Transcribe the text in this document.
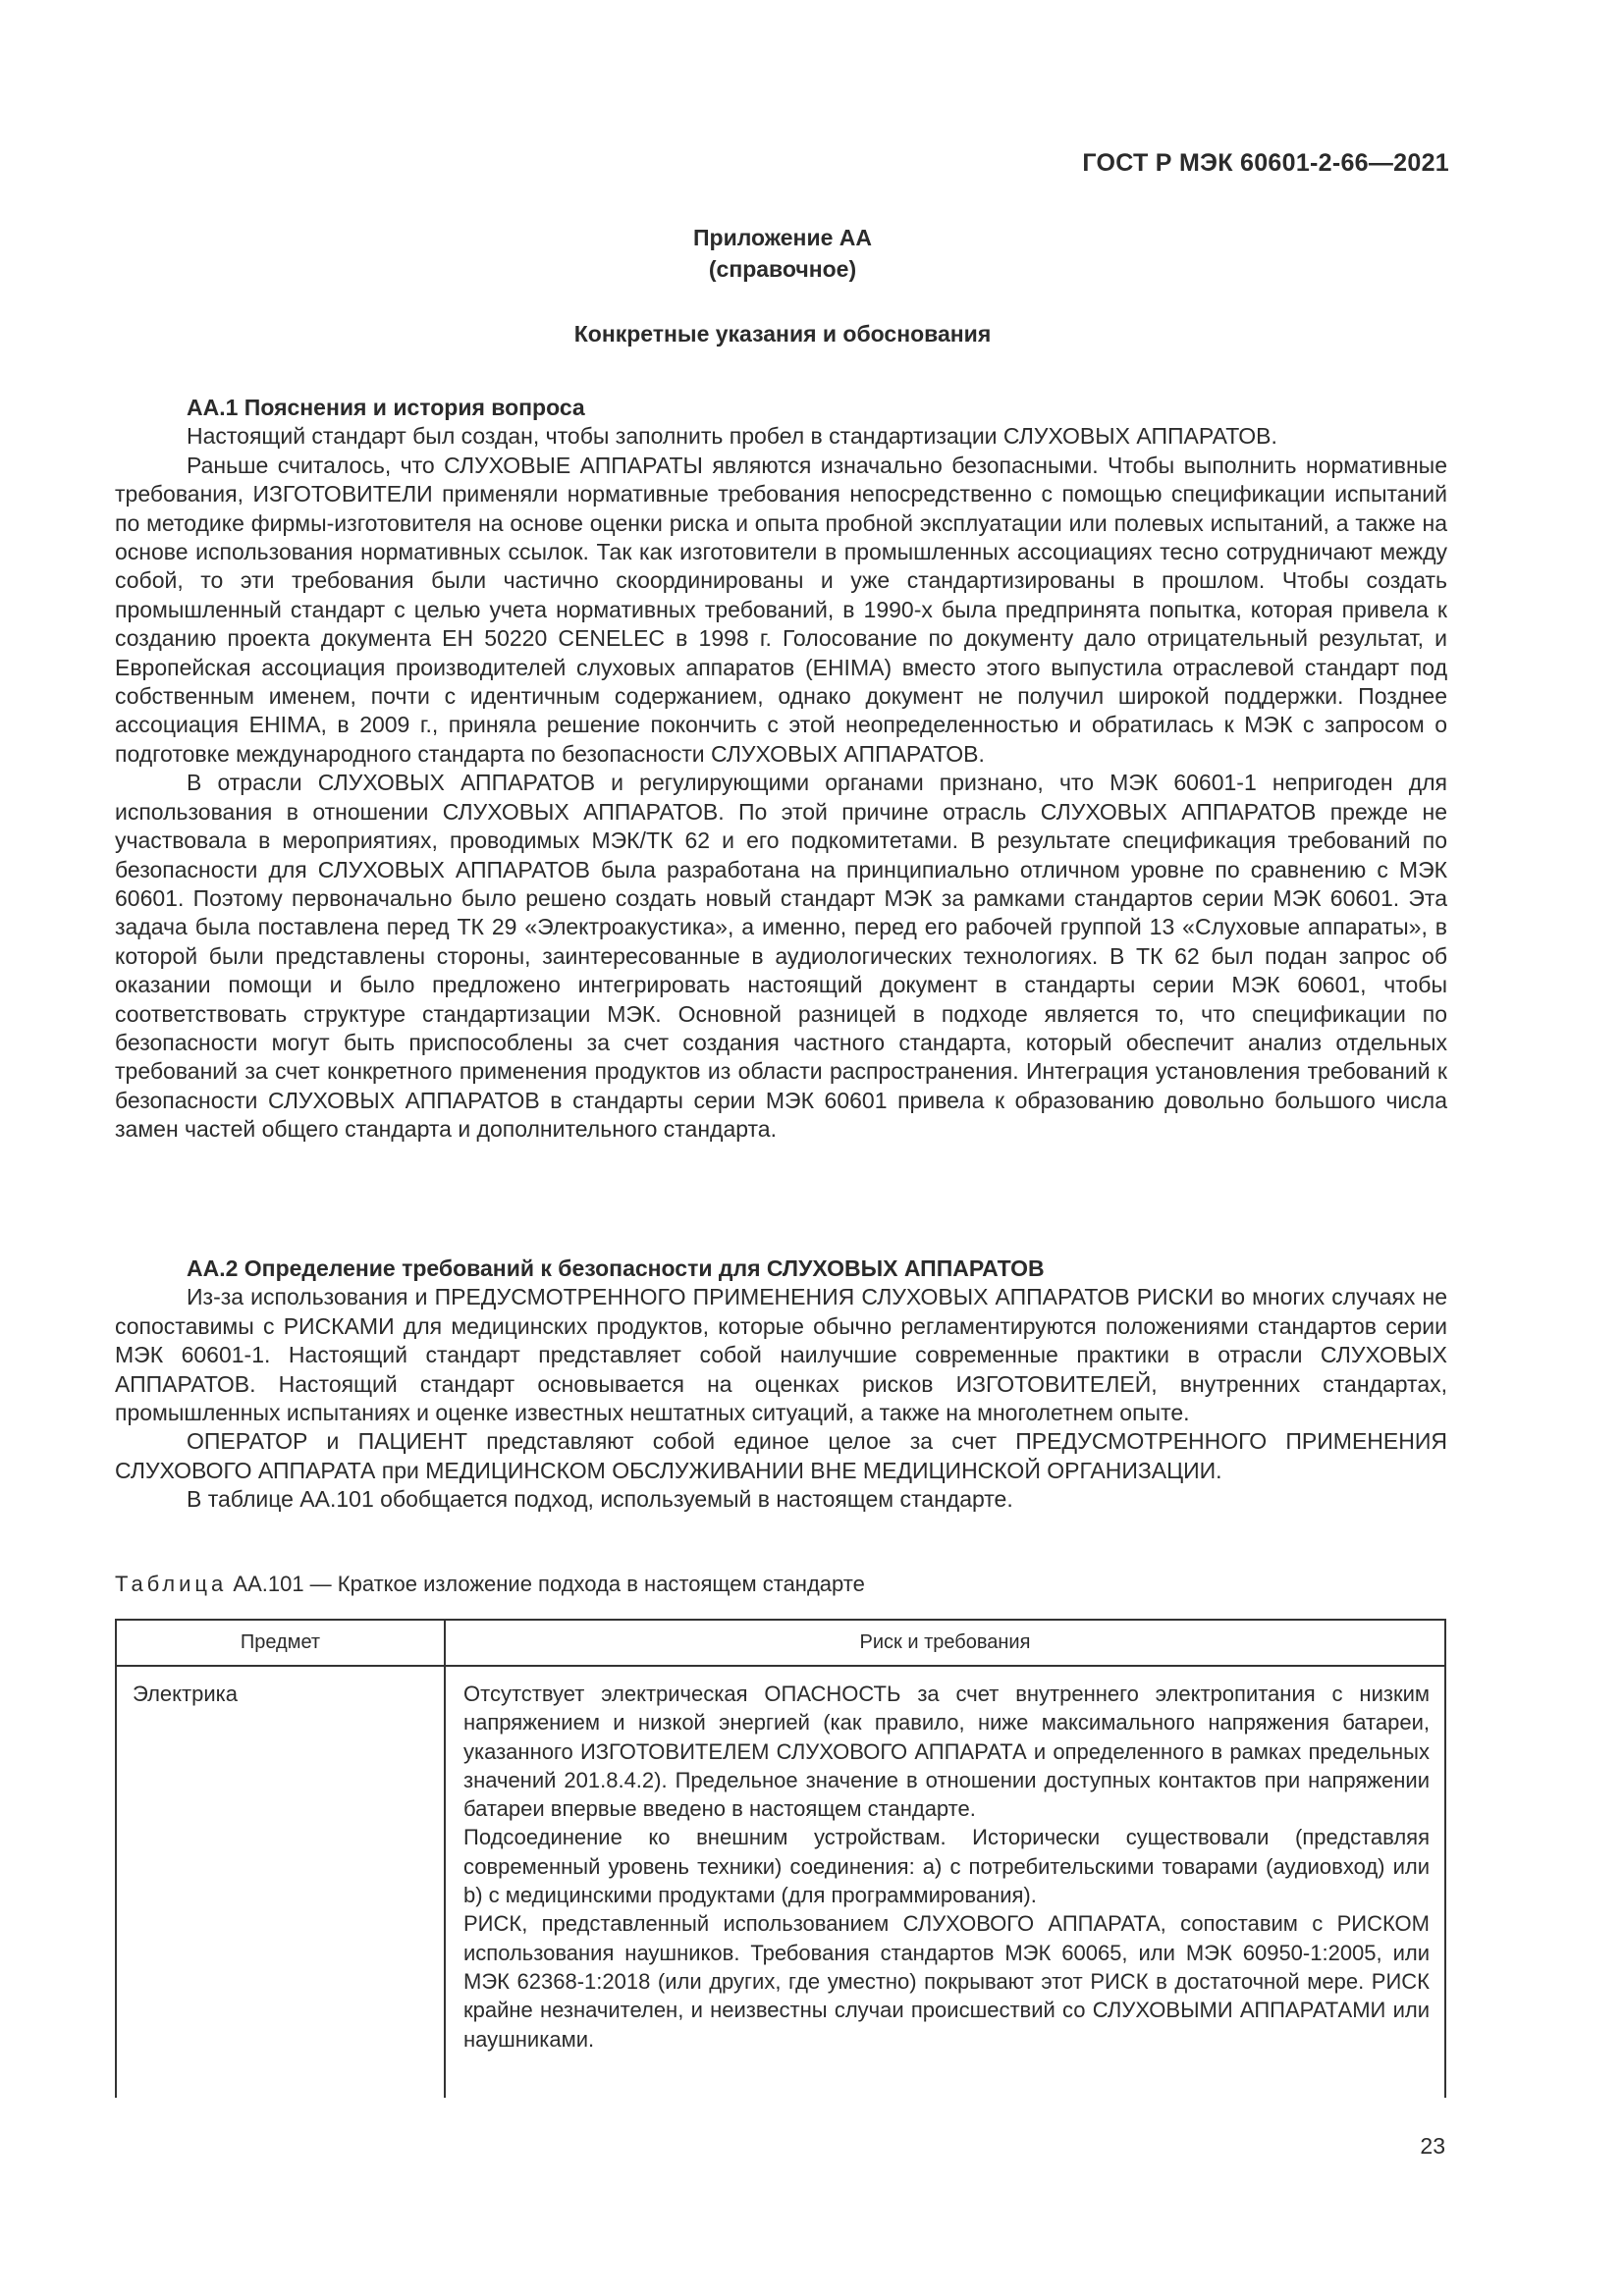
ГОСТ Р МЭК 60601-2-66—2021
Приложение АА
(справочное)
Конкретные указания и обоснования
АА.1 Пояснения и история вопроса

Настоящий стандарт был создан, чтобы заполнить пробел в стандартизации СЛУХОВЫХ АППАРАТОВ.

Раньше считалось, что СЛУХОВЫЕ АППАРАТЫ являются изначально безопасными. Чтобы выполнить нормативные требования, ИЗГОТОВИТЕЛИ применяли нормативные требования непосредственно с помощью спецификации испытаний по методике фирмы-изготовителя на основе оценки риска и опыта пробной эксплуатации или полевых испытаний, а также на основе использования нормативных ссылок. Так как изготовители в промышленных ассоциациях тесно сотрудничают между собой, то эти требования были частично скоординированы и уже стандартизированы в прошлом. Чтобы создать промышленный стандарт с целью учета нормативных требований, в 1990-х была предпринята попытка, которая привела к созданию проекта документа ЕН 50220 CENELEC в 1998 г. Голосование по документу дало отрицательный результат, и Европейская ассоциация производителей слуховых аппаратов (EHIMA) вместо этого выпустила отраслевой стандарт под собственным именем, почти с идентичным содержанием, однако документ не получил широкой поддержки. Позднее ассоциация EHIMA, в 2009 г., приняла решение покончить с этой неопределенностью и обратилась к МЭК с запросом о подготовке международного стандарта по безопасности СЛУХОВЫХ АППАРАТОВ.

В отрасли СЛУХОВЫХ АППАРАТОВ и регулирующими органами признано, что МЭК 60601-1 непригоден для использования в отношении СЛУХОВЫХ АППАРАТОВ. По этой причине отрасль СЛУХОВЫХ АППАРАТОВ прежде не участвовала в мероприятиях, проводимых МЭК/ТК 62 и его подкомитетами. В результате спецификация требований по безопасности для СЛУХОВЫХ АППАРАТОВ была разработана на принципиально отличном уровне по сравнению с МЭК 60601. Поэтому первоначально было решено создать новый стандарт МЭК за рамками стандартов серии МЭК 60601. Эта задача была поставлена перед ТК 29 «Электроакустика», а именно, перед его рабочей группой 13 «Слуховые аппараты», в которой были представлены стороны, заинтересованные в аудиологических технологиях. В ТК 62 был подан запрос об оказании помощи и было предложено интегрировать настоящий документ в стандарты серии МЭК 60601, чтобы соответствовать структуре стандартизации МЭК. Основной разницей в подходе является то, что спецификации по безопасности могут быть приспособлены за счет создания частного стандарта, который обеспечит анализ отдельных требований за счет конкретного применения продуктов из области распространения. Интеграция установления требований к безопасности СЛУХОВЫХ АППАРАТОВ в стандарты серии МЭК 60601 привела к образованию довольно большого числа замен частей общего стандарта и дополнительного стандарта.

АА.2 Определение требований к безопасности для СЛУХОВЫХ АППАРАТОВ

Из-за использования и ПРЕДУСМОТРЕННОГО ПРИМЕНЕНИЯ СЛУХОВЫХ АППАРАТОВ РИСКИ во многих случаях не сопоставимы с РИСКАМИ для медицинских продуктов, которые обычно регламентируются положениями стандартов серии МЭК 60601-1. Настоящий стандарт представляет собой наилучшие современные практики в отрасли СЛУХОВЫХ АППАРАТОВ. Настоящий стандарт основывается на оценках рисков ИЗГОТОВИТЕЛЕЙ, внутренних стандартах, промышленных испытаниях и оценке известных нештатных ситуаций, а также на многолетнем опыте.

ОПЕРАТОР и ПАЦИЕНТ представляют собой единое целое за счет ПРЕДУСМОТРЕННОГО ПРИМЕНЕНИЯ СЛУХОВОГО АППАРАТА при МЕДИЦИНСКОМ ОБСЛУЖИВАНИИ ВНЕ МЕДИЦИНСКОЙ ОРГАНИЗАЦИИ.

В таблице АА.101 обобщается подход, используемый в настоящем стандарте.

Таблица АА.101 — Краткое изложение подхода в настоящем стандарте
Предмет	Риск и требования
Электрика	Отсутствует электрическая ОПАСНОСТЬ за счет внутреннего электропитания с низким напряжением и низкой энергией (как правило, ниже максимального напряжения батареи, указанного ИЗГОТОВИТЕЛЕМ СЛУХОВОГО АППАРАТА и определенного в рамках предельных значений 201.8.4.2). Предельное значение в отношении доступных контактов при напряжении батареи впервые введено в настоящем стандарте.

Подсоединение ко внешним устройствам. Исторически существовали (представляя современный уровень техники) соединения: а) с потребительскими товарами (аудиовход) или b) с медицинскими продуктами (для программирования).

РИСК, представленный использованием СЛУХОВОГО АППАРАТА, сопоставим с РИСКОМ использования наушников. Требования стандартов МЭК 60065, или МЭК 60950-1:2005, или МЭК 62368-1:2018 (или других, где уместно) покрывают этот РИСК в достаточной мере. РИСК крайне незначителен, и неизвестны случаи происшествий со СЛУХОВЫМИ АППАРАТАМИ или наушниками.

23
